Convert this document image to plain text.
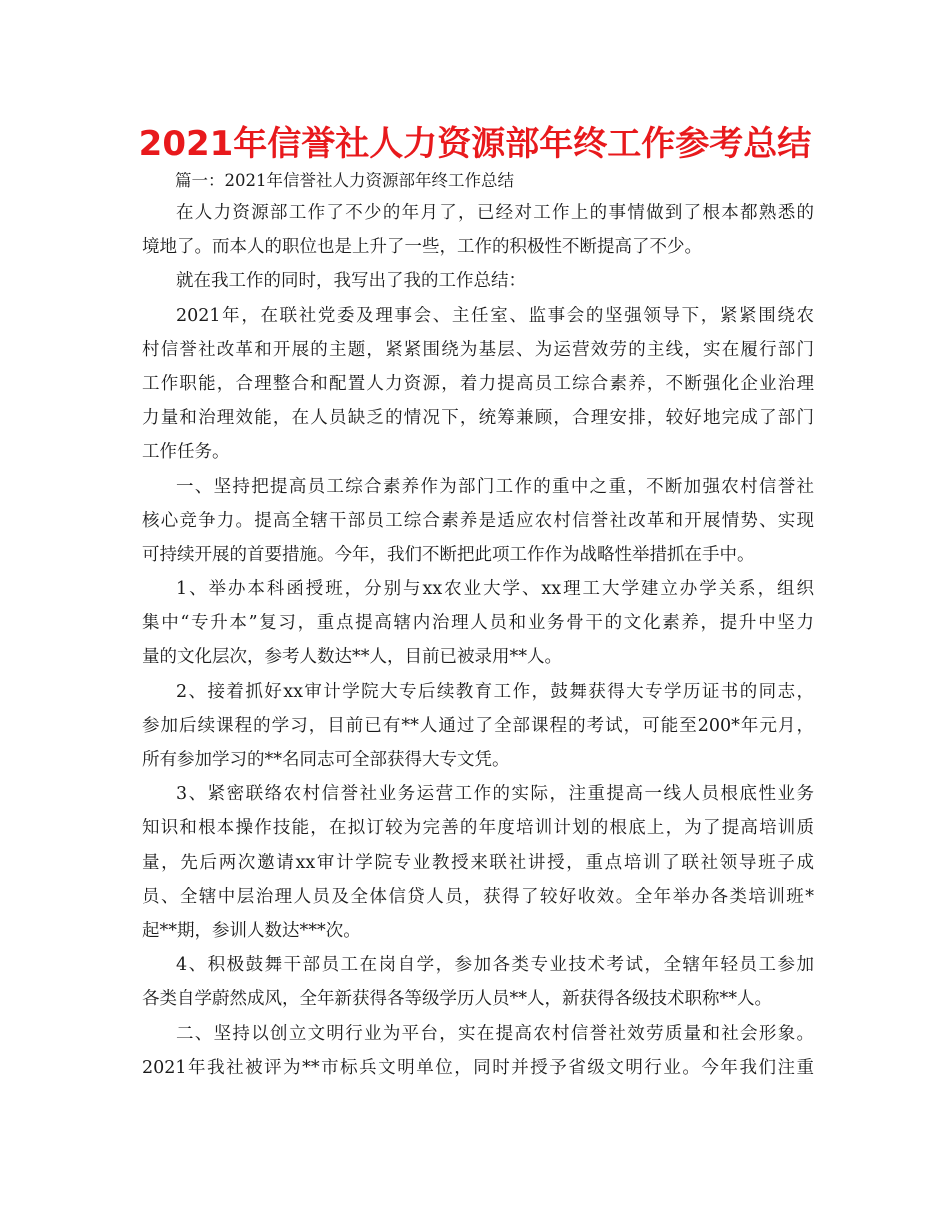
2021年信誉社人力资源部年终工作参考总结

篇一：2021年信誉社人力资源部年终工作总结

在人力资源部工作了不少的年月了，已经对工作上的事情做到了根本都熟悉的
境地了。而本人的职位也是上升了一些，工作的积极性不断提高了不少。

就在我工作的同时，我写出了我的工作总结：

2021年，在联社党委及理事会、主任室、监事会的坚强领导下，紧紧围绕农
村信誉社改革和开展的主题，紧紧围绕为基层、为运营效劳的主线，实在履行部门
工作职能，合理整合和配置人力资源，着力提高员工综合素养，不断强化企业治理
力量和治理效能，在人员缺乏的情况下，统筹兼顾，合理安排，较好地完成了部门
工作任务。

一、坚持把提高员工综合素养作为部门工作的重中之重，不断加强农村信誉社
核心竞争力。提高全辖干部员工综合素养是适应农村信誉社改革和开展情势、实现
可持续开展的首要措施。今年，我们不断把此项工作作为战略性举措抓在手中。

1、举办本科函授班，分别与xx农业大学、xx理工大学建立办学关系，组织
集中“专升本”复习，重点提高辖内治理人员和业务骨干的文化素养，提升中坚力
量的文化层次，参考人数达**人，目前已被录用**人。

2、接着抓好xx审计学院大专后续教育工作，鼓舞获得大专学历证书的同志，
参加后续课程的学习，目前已有**人通过了全部课程的考试，可能至200*年元月，
所有参加学习的**名同志可全部获得大专文凭。

3、紧密联络农村信誉社业务运营工作的实际，注重提高一线人员根底性业务
知识和根本操作技能，在拟订较为完善的年度培训计划的根底上，为了提高培训质
量，先后两次邀请xx审计学院专业教授来联社讲授，重点培训了联社领导班子成
员、全辖中层治理人员及全体信贷人员，获得了较好收效。全年举办各类培训班*
起**期，参训人数达***次。

4、积极鼓舞干部员工在岗自学，参加各类专业技术考试，全辖年轻员工参加
各类自学蔚然成风，全年新获得各等级学历人员**人，新获得各级技术职称**人。

二、坚持以创立文明行业为平台，实在提高农村信誉社效劳质量和社会形象。
2021年我社被评为**市标兵文明单位，同时并授予省级文明行业。今年我们注重
